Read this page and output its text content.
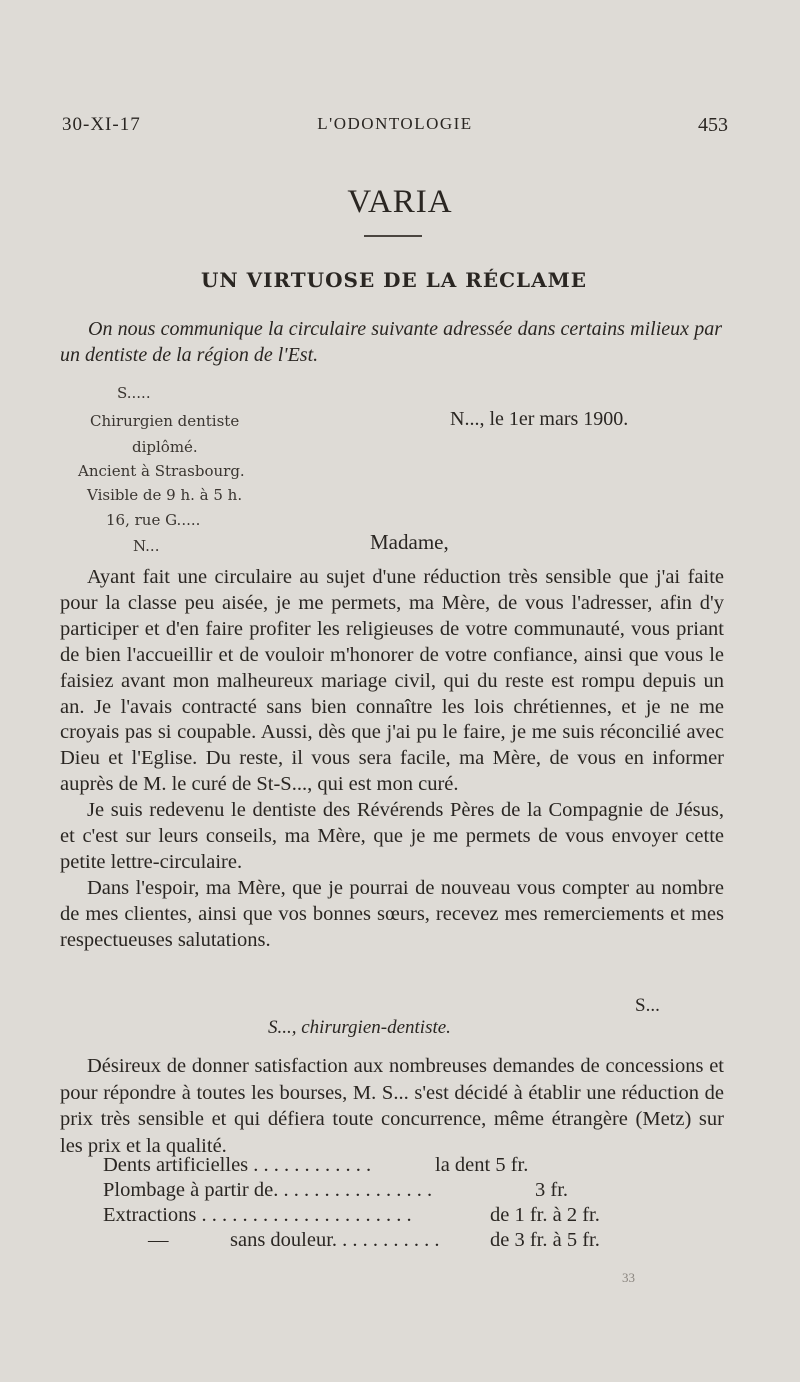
30-XI-17	L'ODONTOLOGIE	453
VARIA
UN VIRTUOSE DE LA RÉCLAME
On nous communique la circulaire suivante adressée dans certains milieux par un dentiste de la région de l'Est.
S.....
Chirurgien dentiste
diplômé.
Ancient à Strasbourg.
Visible de 9 h. à 5 h.
16, rue G.....
N...
N..., le 1er mars 1900.
Madame,

Ayant fait une circulaire au sujet d'une réduction très sensible que j'ai faite pour la classe peu aisée, je me permets, ma Mère, de vous l'adresser, afin d'y participer et d'en faire profiter les religieuses de votre communauté, vous priant de bien l'accueillir et de vouloir m'honorer de votre confiance, ainsi que vous le faisiez avant mon malheureux mariage civil, qui du reste est rompu depuis un an. Je l'avais contracté sans bien connaître les lois chrétiennes, et je ne me croyais pas si coupable. Aussi, dès que j'ai pu le faire, je me suis réconcilié avec Dieu et l'Eglise. Du reste, il vous sera facile, ma Mère, de vous en informer auprès de M. le curé de St-S..., qui est mon curé.

Je suis redevenu le dentiste des Révérends Pères de la Compagnie de Jésus, et c'est sur leurs conseils, ma Mère, que je me permets de vous envoyer cette petite lettre-circulaire.

Dans l'espoir, ma Mère, que je pourrai de nouveau vous compter au nombre de mes clientes, ainsi que vos bonnes sœurs, recevez mes remerciements et mes respectueuses salutations.

S...
S..., chirurgien-dentiste.

Désireux de donner satisfaction aux nombreuses demandes de concessions et pour répondre à toutes les bourses, M. S... s'est décidé à établir une réduction de prix très sensible et qui défiera toute concurrence, même étrangère (Metz) sur les prix et la qualité.

Dents artificielles . . . . . . . . . . . .	la dent 5 fr.
Plombage à partir de. . . . . . . . . . . . . . . .	3 fr.
Extractions . . . . . . . . . . . . . . . . . . . . .	de 1 fr. à 2 fr.
—	sans douleur. . . . . . . . . . . de 3 fr. à 5 fr.
33
